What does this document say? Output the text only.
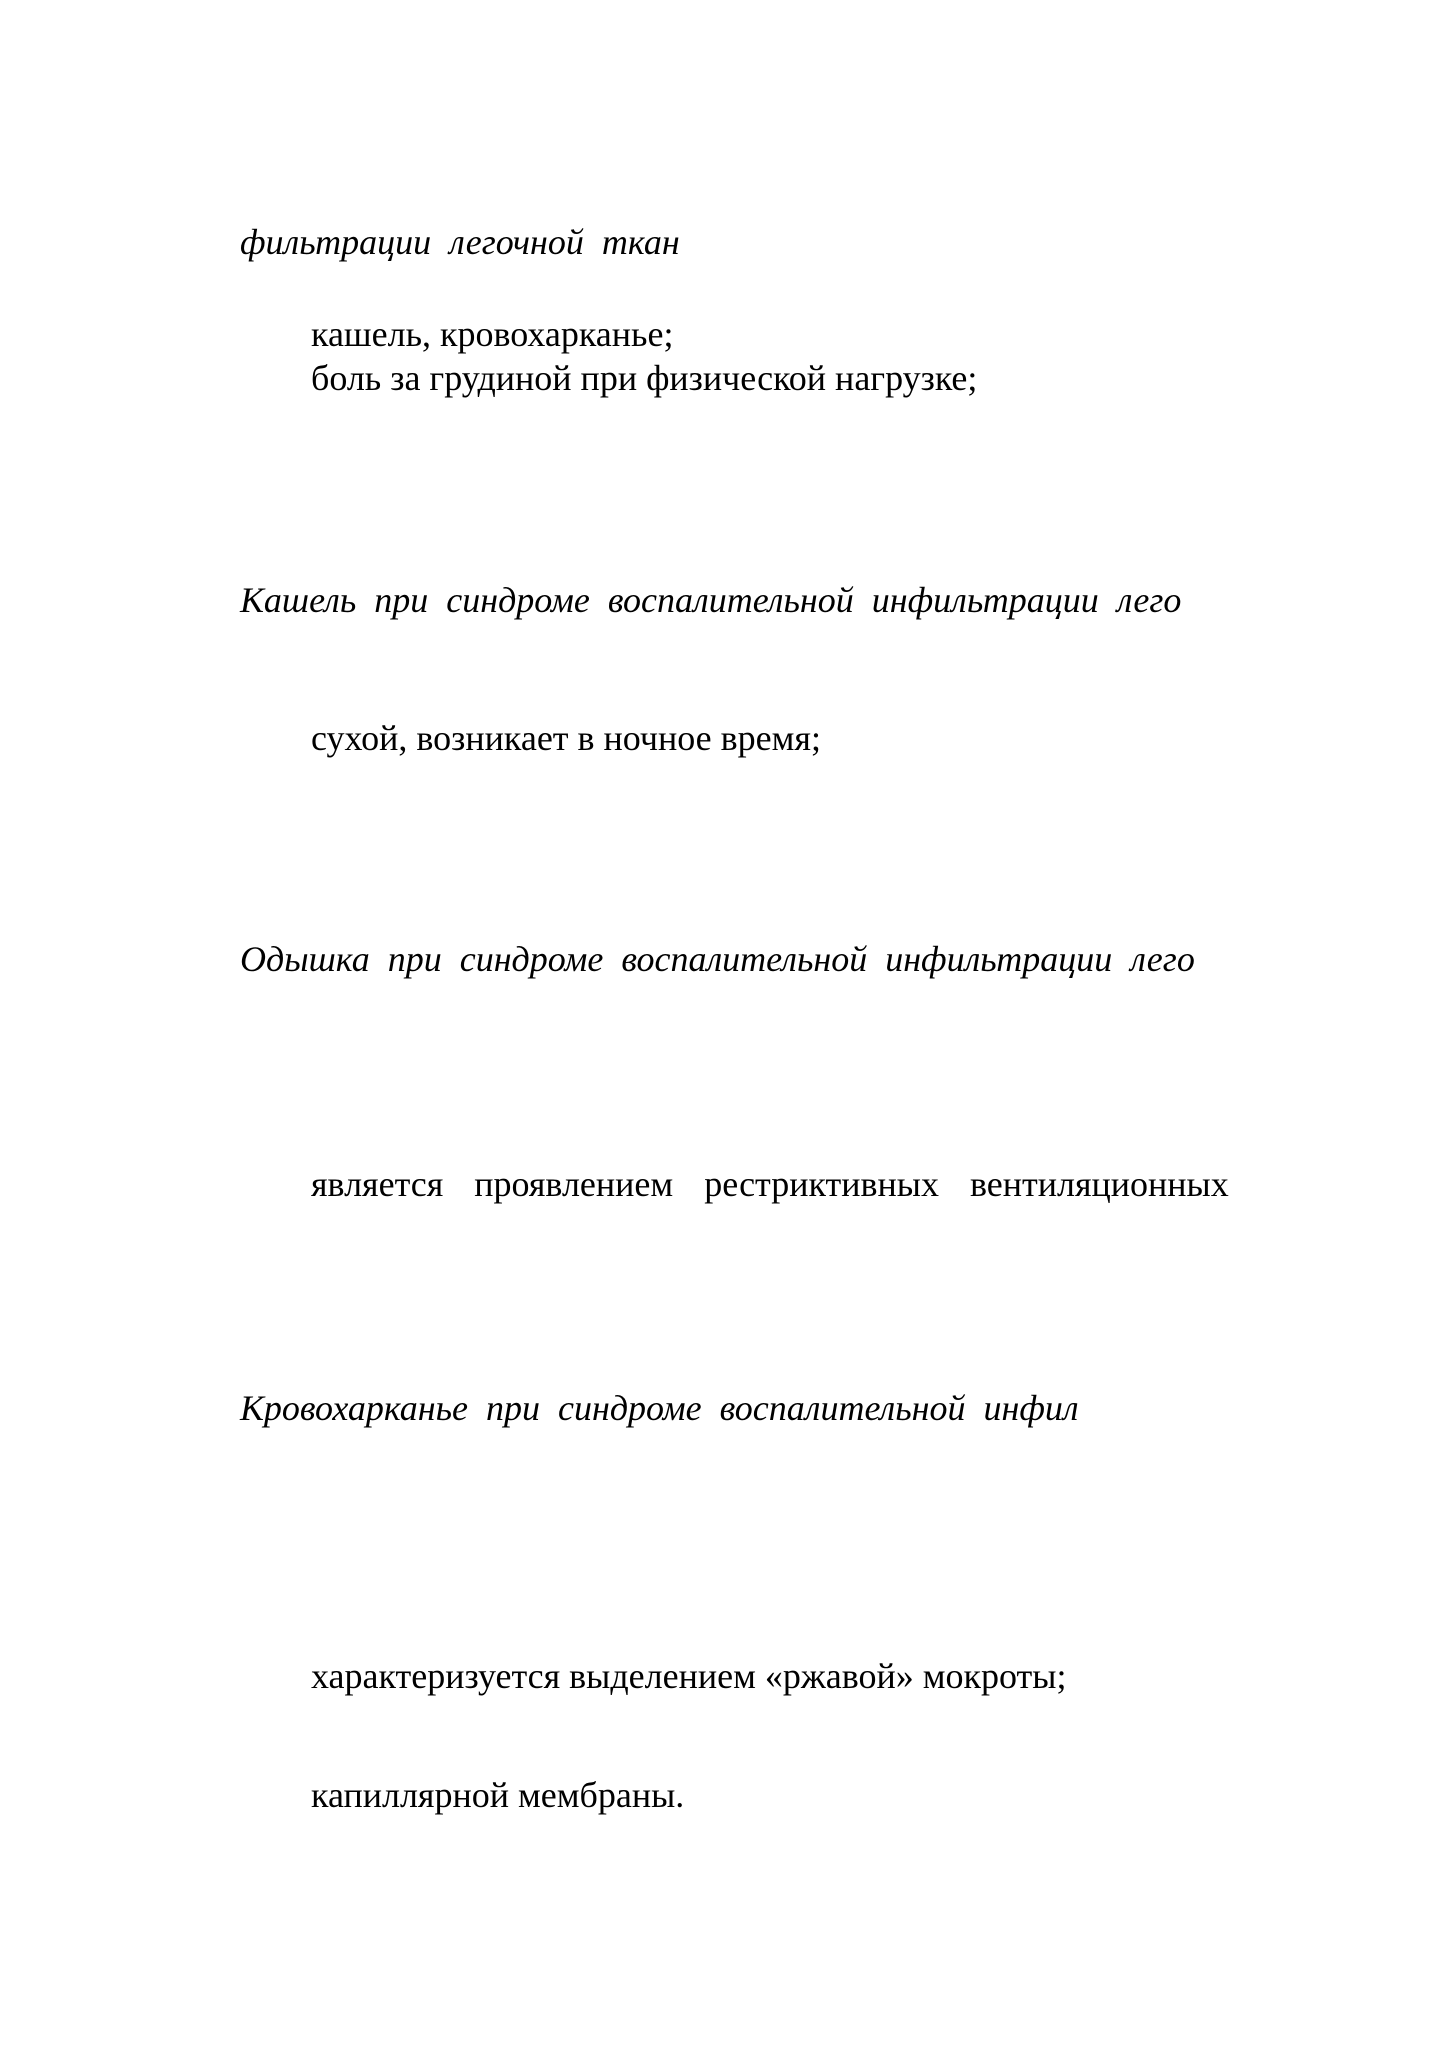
фильтрации легочной ткан

кашель, кровохарканье;

боль за грудиной при физической нагрузке;

Кашель при синдроме воспалительной инфильтрации лего

сухой, возникает в ночное время;

Одышка при синдроме воспалительной инфильтрации лего

является проявлением рестриктивных вентиляционных

Кровохарканье при синдроме воспалительной инфил

характеризуется выделением «ржавой» мокроты;

капиллярной мембраны.
